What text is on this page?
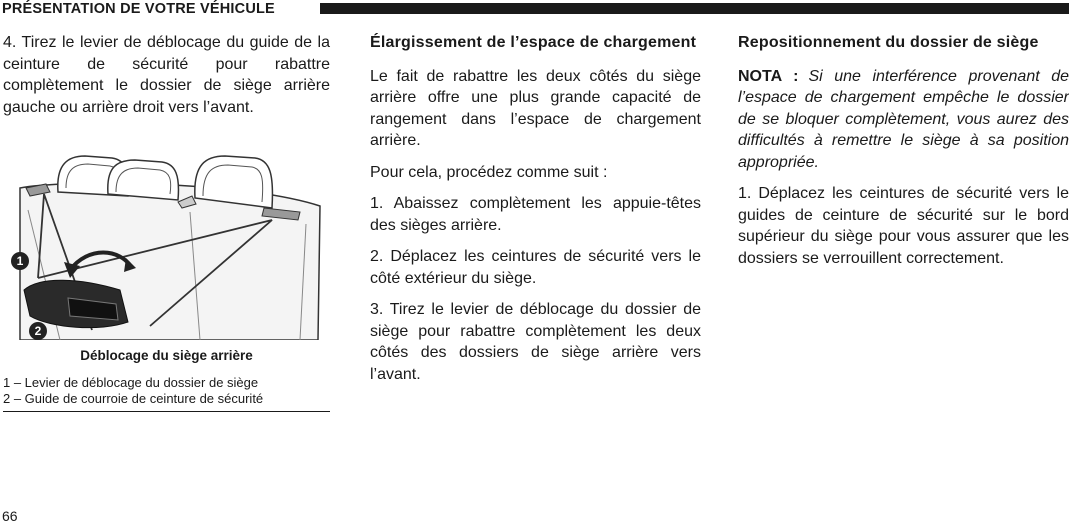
PRÉSENTATION DE VOTRE VÉHICULE

4. Tirez le levier de déblocage du guide de la ceinture de sécurité pour rabattre complètement le dossier de siège arrière gauche ou arrière droit vers l’avant.

1
2
Déblocage du siège arrière
1 – Levier de déblocage du dossier de siège
2 – Guide de courroie de ceinture de sécurité
Élargissement de l’espace de chargement

Le fait de rabattre les deux côtés du siège arrière offre une plus grande capacité de rangement dans l’espace de chargement arrière.

Pour cela, procédez comme suit :

1. Abaissez complètement les appuie-têtes des sièges arrière.

2. Déplacez les ceintures de sécurité vers le côté extérieur du siège.

3. Tirez le levier de déblocage du dossier de siège pour rabattre complètement les deux côtés des dossiers de siège arrière vers l’avant.

Repositionnement du dossier de siège

NOTA : Si une interférence provenant de l’espace de chargement empêche le dossier de se bloquer complètement, vous aurez des difficultés à remettre le siège à sa position appropriée.

1. Déplacez les ceintures de sécurité vers le guides de ceinture de sécurité sur le bord supérieur du siège pour vous assurer que les dossiers se verrouillent correctement.

66
